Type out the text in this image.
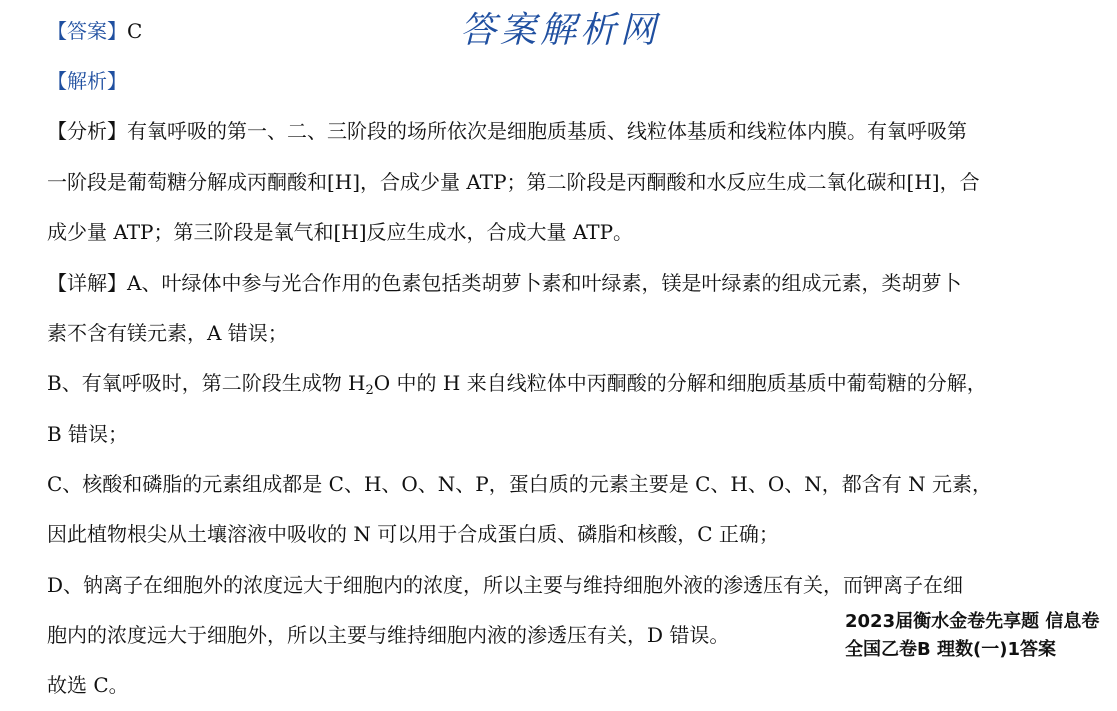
答案解析网
【答案】C
【解析】
【分析】有氧呼吸的第一、二、三阶段的场所依次是细胞质基质、线粒体基质和线粒体内膜。有氧呼吸第
一阶段是葡萄糖分解成丙酮酸和[H]，合成少量 ATP；第二阶段是丙酮酸和水反应生成二氧化碳和[H]，合
成少量 ATP；第三阶段是氧气和[H]反应生成水，合成大量 ATP。
【详解】A、叶绿体中参与光合作用的色素包括类胡萝卜素和叶绿素，镁是叶绿素的组成元素，类胡萝卜
素不含有镁元素，A 错误；
B、有氧呼吸时，第二阶段生成物 $H_2O$ 中的 H 来自线粒体中丙酮酸的分解和细胞质基质中葡萄糖的分解，
B 错误；
C、核酸和磷脂的元素组成都是 C、H、O、N、P，蛋白质的元素主要是 C、H、O、N，都含有 N 元素，
因此植物根尖从土壤溶液中吸收的 N 可以用于合成蛋白质、磷脂和核酸，C 正确；
D、钠离子在细胞外的浓度远大于细胞内的浓度，所以主要与维持细胞外液的渗透压有关，而钾离子在细
胞内的浓度远大于细胞外，所以主要与维持细胞内液的渗透压有关，D 错误。
故选 C。
2023届衡水金卷先享题 信息卷 全国乙卷B 理数(一)1答案
